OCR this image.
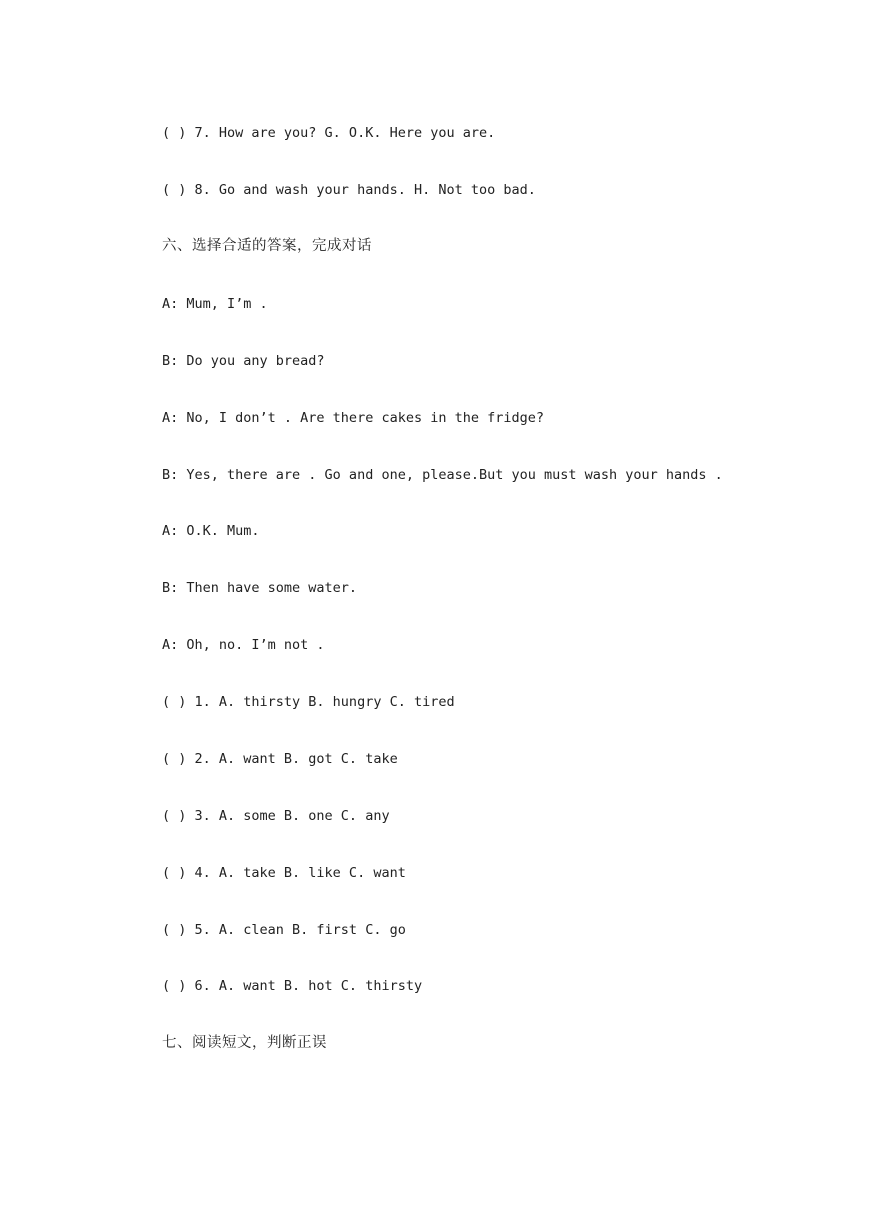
( ) 7. How are you? G. O.K. Here you are.
( ) 8. Go and wash your hands. H. Not too bad.
六、选择合适的答案，完成对话
A: Mum, I’m .
B: Do you any bread?
A: No, I don’t . Are there cakes in the fridge?
B: Yes, there are . Go and one, please.But you must wash your hands .
A: O.K. Mum.
B: Then have some water.
A: Oh, no. I’m not .
( ) 1. A. thirsty B. hungry C. tired
( ) 2. A. want B. got C. take
( ) 3. A. some B. one C. any
( ) 4. A. take B. like C. want
( ) 5. A. clean B. first C. go
( ) 6. A. want B. hot C. thirsty
七、阅读短文，判断正误
